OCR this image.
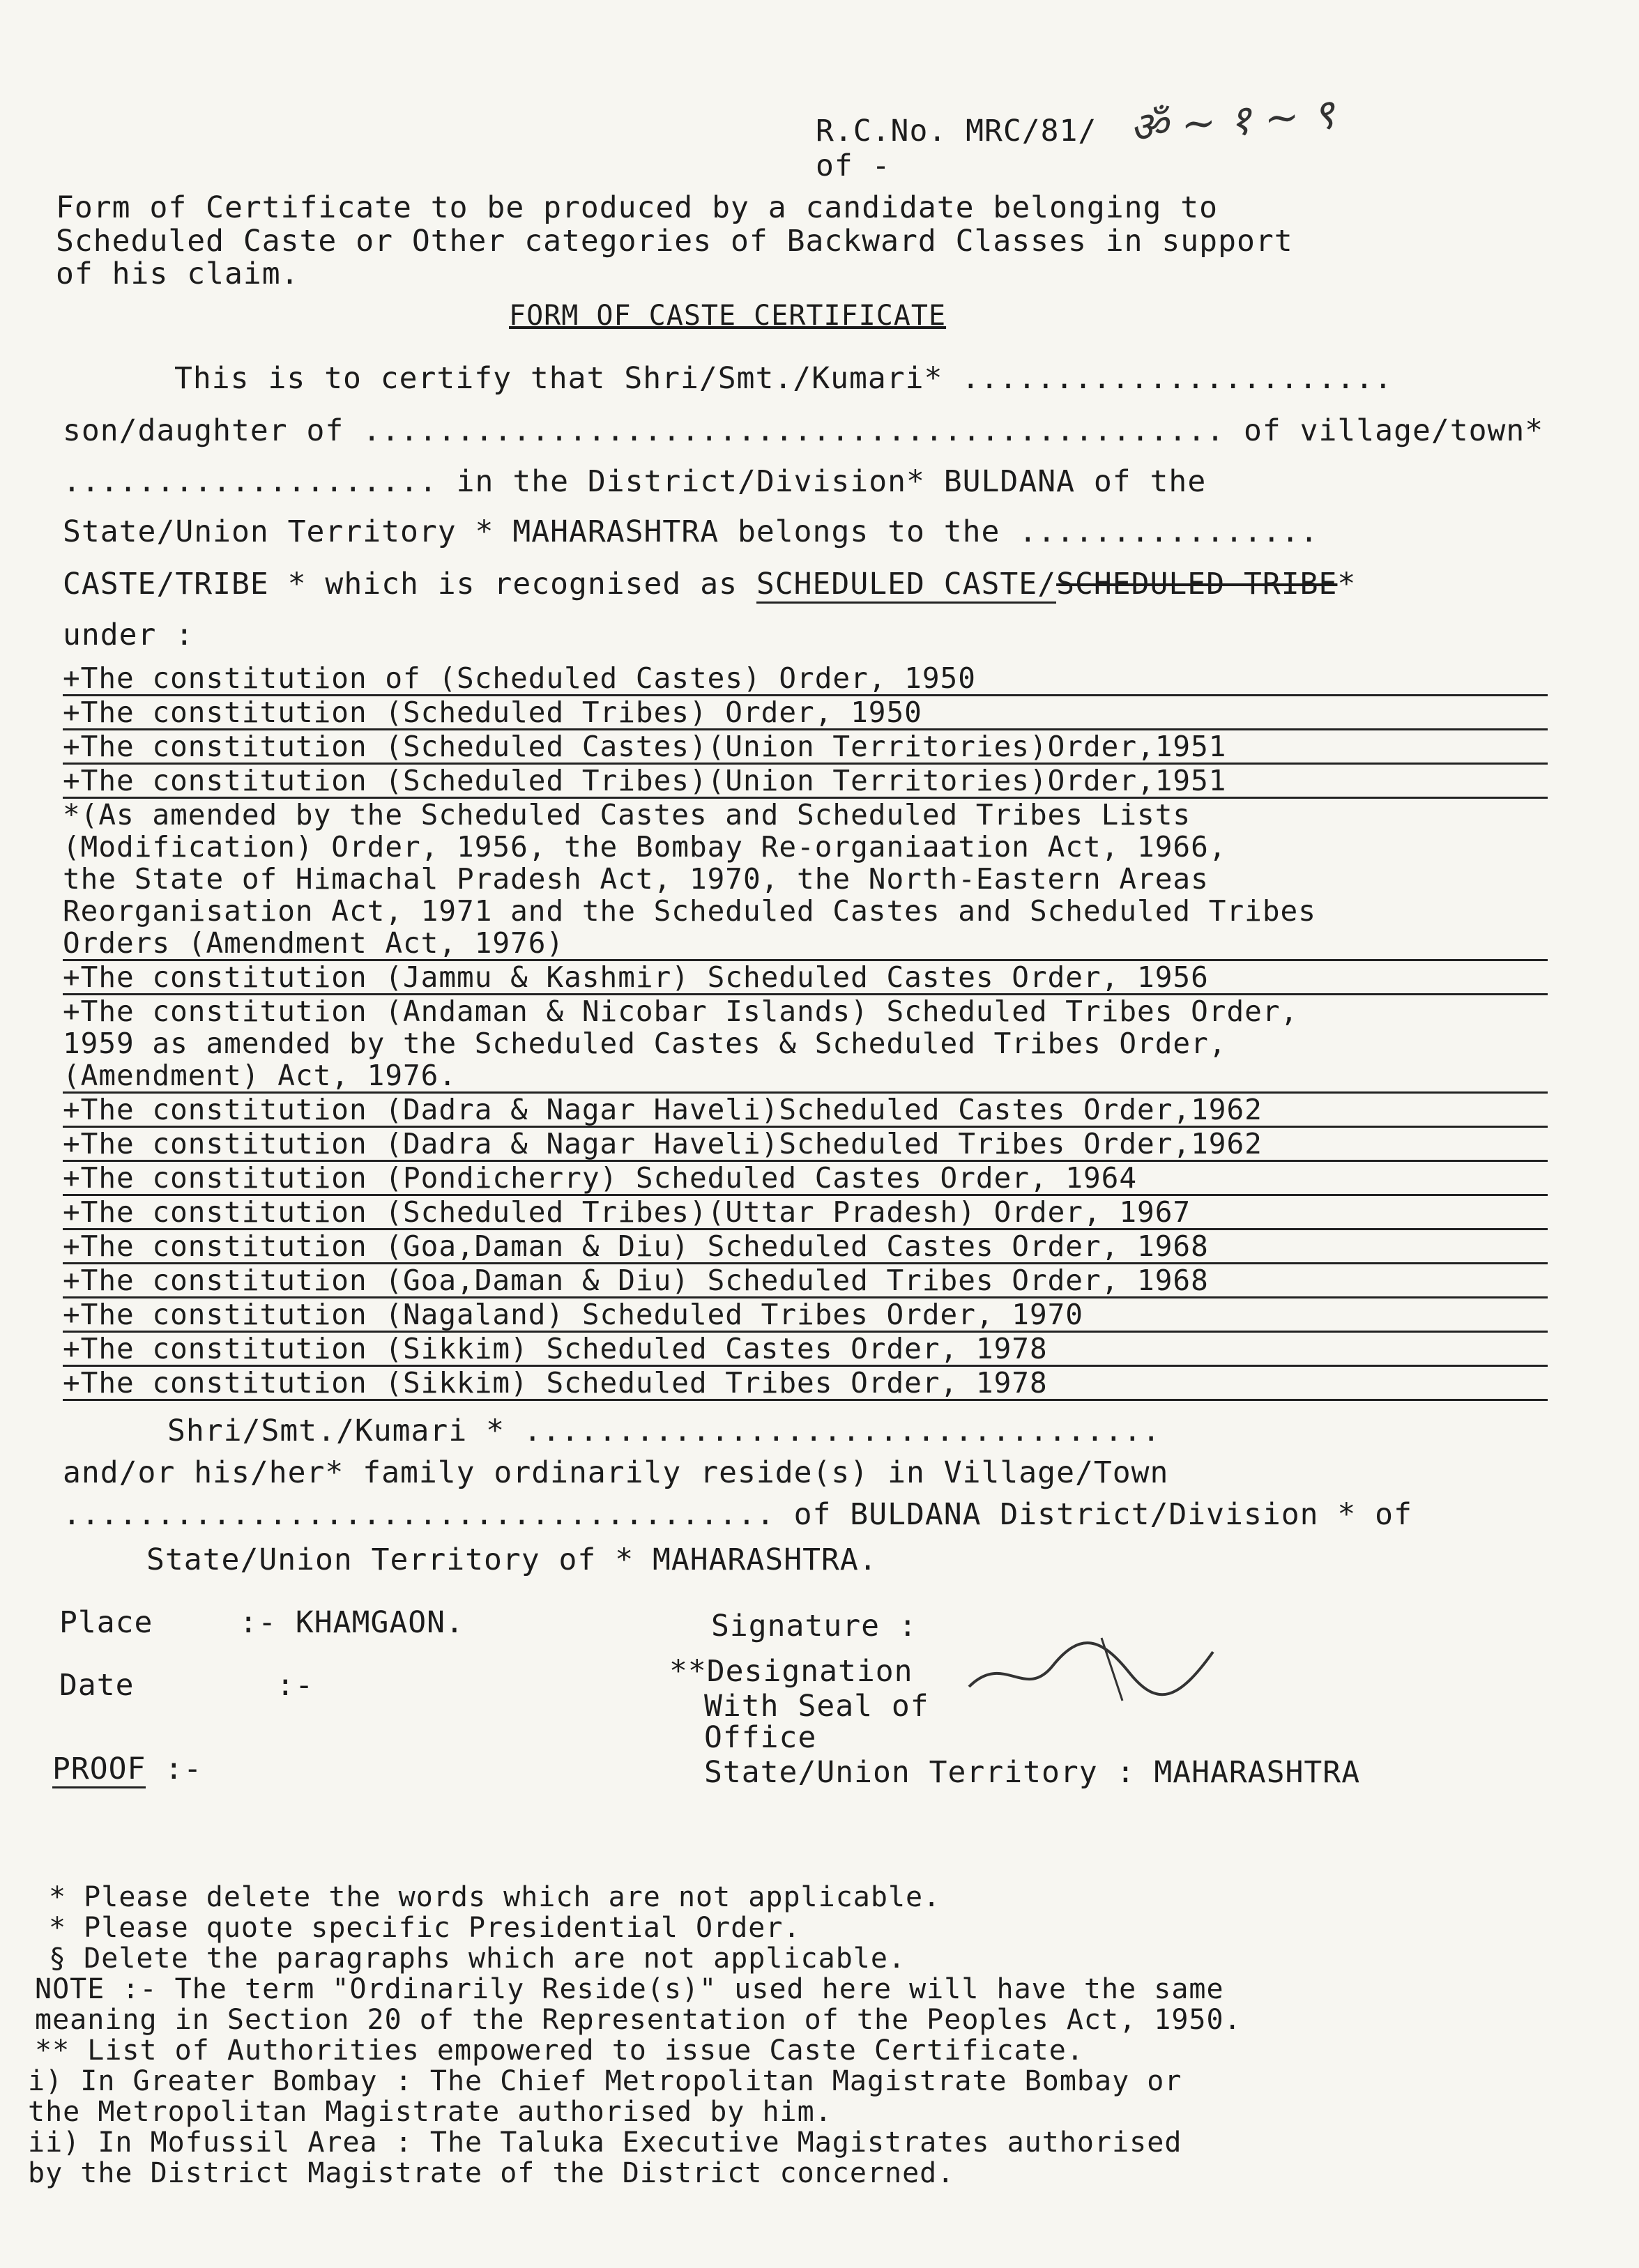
R.C.No. MRC/81/
of -
ॐ ~ १ ~ ९
Form of Certificate to be produced by a candidate belonging to
Scheduled Caste or Other categories of Backward Classes in support
of his claim.
FORM OF CASTE CERTIFICATE
This is to certify that Shri/Smt./Kumari* .......................
son/daughter of .............................................. of village/town*
.................... in the District/Division* BULDANA of the
State/Union Territory * MAHARASHTRA belongs to the ................
CASTE/TRIBE * which is recognised as SCHEDULED CASTE/SCHEDULED TRIBE*
under :
+The constitution of (Scheduled Castes) Order, 1950
+The constitution (Scheduled Tribes) Order, 1950
+The constitution (Scheduled Castes)(Union Territories)Order,1951
+The constitution (Scheduled Tribes)(Union Territories)Order,1951
*(As amended by the Scheduled Castes and Scheduled Tribes Lists
(Modification) Order, 1956, the Bombay Re-organiaation Act, 1966,
the State of Himachal Pradesh Act, 1970, the North-Eastern Areas
Reorganisation Act, 1971 and the Scheduled Castes and Scheduled Tribes
Orders (Amendment Act, 1976)
+The constitution (Jammu & Kashmir) Scheduled Castes Order, 1956
+The constitution (Andaman & Nicobar Islands) Scheduled Tribes Order,
1959 as amended by the Scheduled Castes & Scheduled Tribes Order,
(Amendment) Act, 1976.
+The constitution (Dadra & Nagar Haveli)Scheduled Castes Order,1962
+The constitution (Dadra & Nagar Haveli)Scheduled Tribes Order,1962
+The constitution (Pondicherry) Scheduled Castes Order, 1964
+The constitution (Scheduled Tribes)(Uttar Pradesh) Order, 1967
+The constitution (Goa,Daman & Diu) Scheduled Castes Order, 1968
+The constitution (Goa,Daman & Diu) Scheduled Tribes Order, 1968
+The constitution (Nagaland) Scheduled Tribes Order, 1970
+The constitution (Sikkim) Scheduled Castes Order, 1978
+The constitution (Sikkim) Scheduled Tribes Order, 1978
Shri/Smt./Kumari * ..................................
and/or his/her* family ordinarily reside(s) in Village/Town
...................................... of BULDANA District/Division * of
State/Union Territory of * MAHARASHTRA.
Place	:- KHAMGAON.
Date	:-
PROOF :-
Signature :
**Designation
With Seal of
Office
State/Union Territory : MAHARASHTRA
* Please delete the words which are not applicable.
* Please quote specific Presidential Order.
§ Delete the paragraphs which are not applicable.
NOTE :- The term "Ordinarily Reside(s)" used here will have the same
meaning in Section 20 of the Representation of the Peoples Act, 1950.
** List of Authorities empowered to issue Caste Certificate.
i) In Greater Bombay : The Chief Metropolitan Magistrate Bombay or
the Metropolitan Magistrate authorised by him.
ii) In Mofussil Area : The Taluka Executive Magistrates authorised
by the District Magistrate of the District concerned.
